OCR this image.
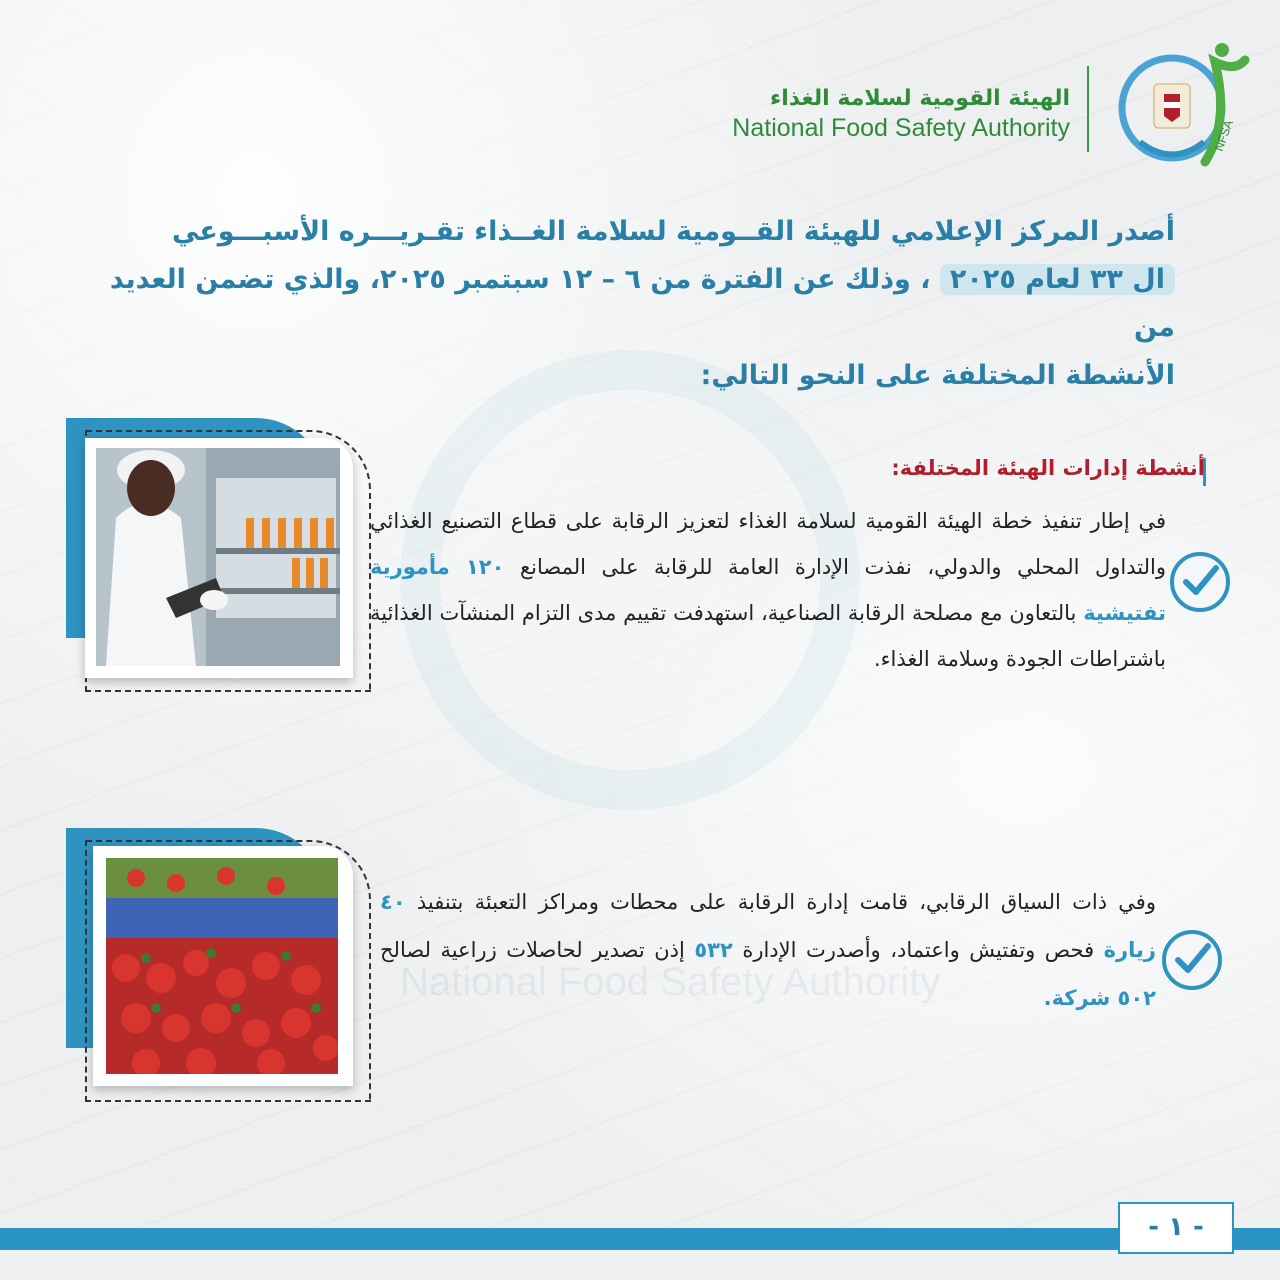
National Food Safety Authority
الهيئة القومية لسلامة الغذاء
National Food Safety Authority	NFSA
أصدر المركز الإعلامي للهيئة القــومية لسلامة الغــذاء تقـريـــره الأسبـــوعي
ال ٣٣ لعام ٢٠٢٥ ، وذلك عن الفترة من ٦ – ١٢ سبتمبر ٢٠٢٥، والذي تضمن العديد من
الأنشطة المختلفة على النحو التالي:
أنشطة إدارات الهيئة المختلفة:
في إطار تنفيذ خطة الهيئة القومية لسلامة الغذاء لتعزيز الرقابة على قطاع التصنيع الغذائي والتداول المحلي والدولي، نفذت الإدارة العامة للرقابة على المصانع ١٢٠ مأمورية تفتيشية بالتعاون مع مصلحة الرقابة الصناعية، استهدفت تقييم مدى التزام المنشآت الغذائية باشتراطات الجودة وسلامة الغذاء.
وفي ذات السياق الرقابي، قامت إدارة الرقابة على محطات ومراكز التعبئة بتنفيذ ٤٠ زيارة فحص وتفتيش واعتماد، وأصدرت الإدارة ٥٣٢ إذن تصدير لحاصلات زراعية لصالح ٥٠٢ شركة.
- ١ -
